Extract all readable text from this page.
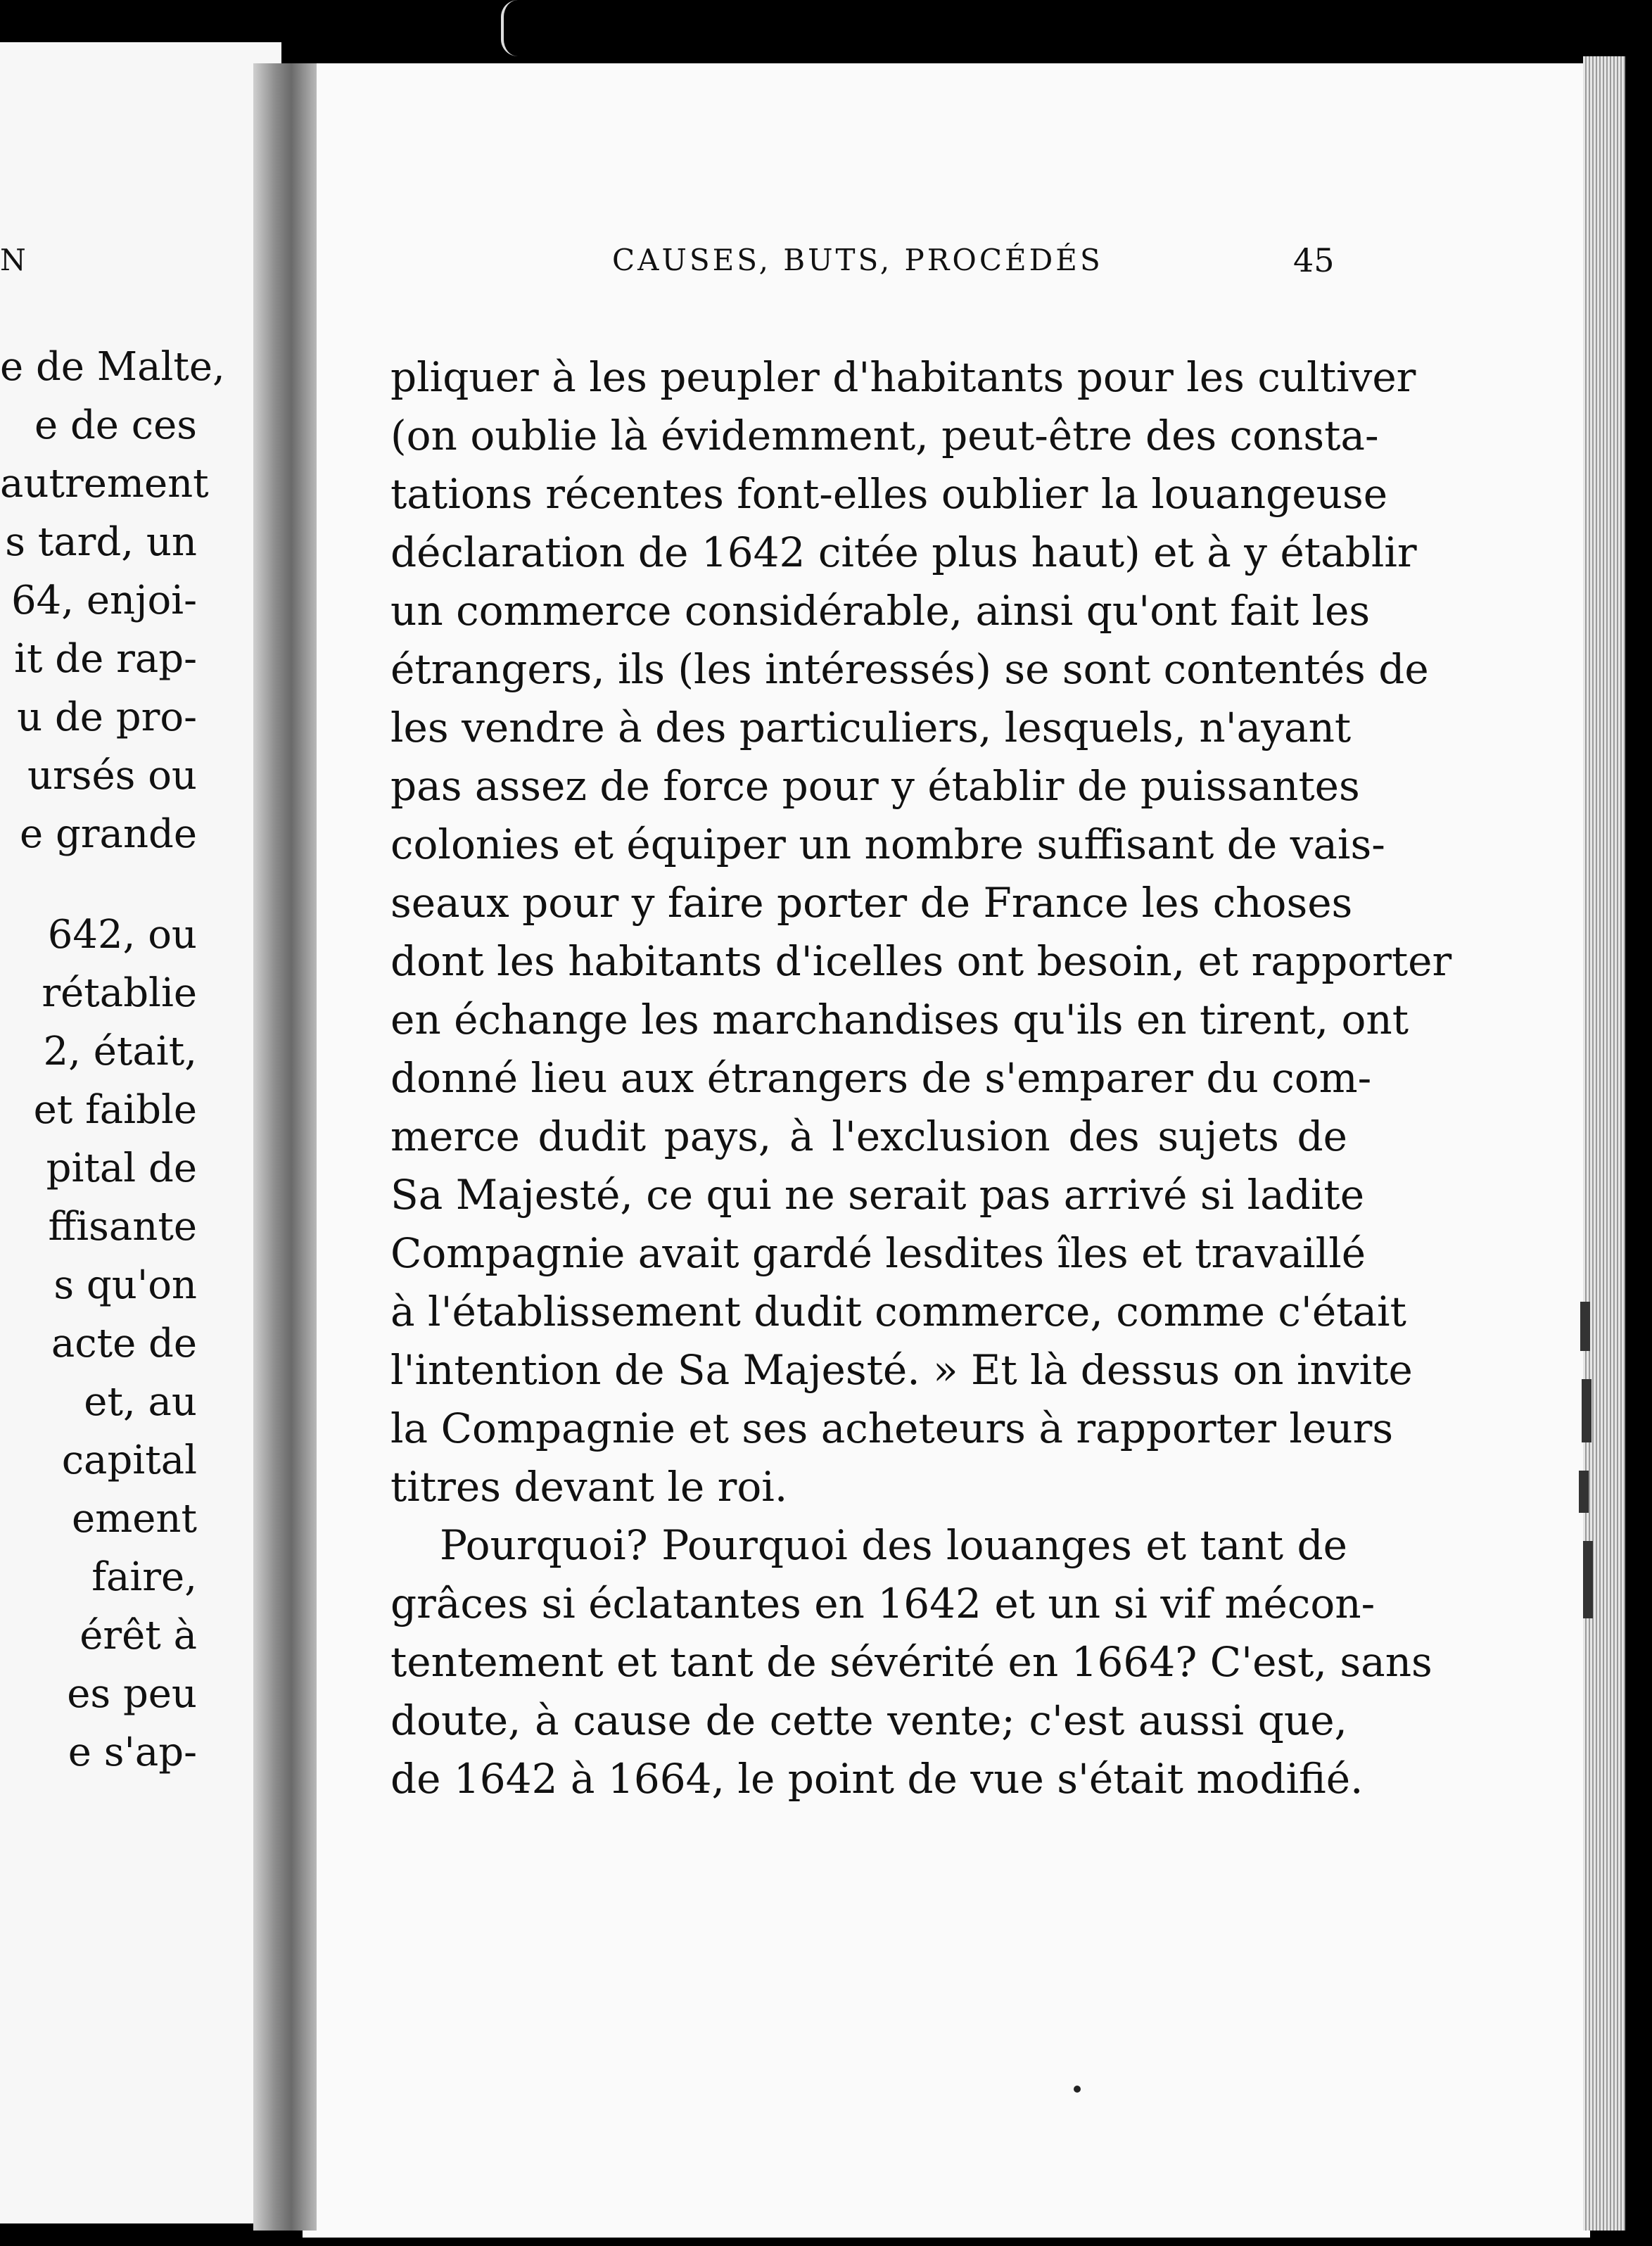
e de Malte,
e de ces
autrement
s tard, un
64, enjoi-
it de rap-
u de pro-
ursés ou
e grande
642, ou
rétablie
2, était,
et faible
pital de
ffisante
s qu'on
acte de
et, au
capital
ement
faire,
érêt à
es peu
e s'ap-
N	CAUSES, BUTS, PROCÉDÉS	45
pliquer à les peupler d'habitants pour les cultiver
(on oublie là évidemment, peut-être des consta-
tations récentes font-elles oublier la louangeuse
déclaration de 1642 citée plus haut) et à y établir
un commerce considérable, ainsi qu'ont fait les
étrangers, ils (les intéressés) se sont contentés de
les vendre à des particuliers, lesquels, n'ayant
pas assez de force pour y établir de puissantes
colonies et équiper un nombre suffisant de vais-
seaux pour y faire porter de France les choses
dont les habitants d'icelles ont besoin, et rapporter
en échange les marchandises qu'ils en tirent, ont
donné lieu aux étrangers de s'emparer du com-
merce dudit pays, à l'exclusion des sujets de
Sa Majesté, ce qui ne serait pas arrivé si ladite
Compagnie avait gardé lesdites îles et travaillé
à l'établissement dudit commerce, comme c'était
l'intention de Sa Majesté. » Et là dessus on invite
la Compagnie et ses acheteurs à rapporter leurs
titres devant le roi.
Pourquoi? Pourquoi des louanges et tant de
grâces si éclatantes en 1642 et un si vif mécon-
tentement et tant de sévérité en 1664? C'est, sans
doute, à cause de cette vente; c'est aussi que,
de 1642 à 1664, le point de vue s'était modifié.
